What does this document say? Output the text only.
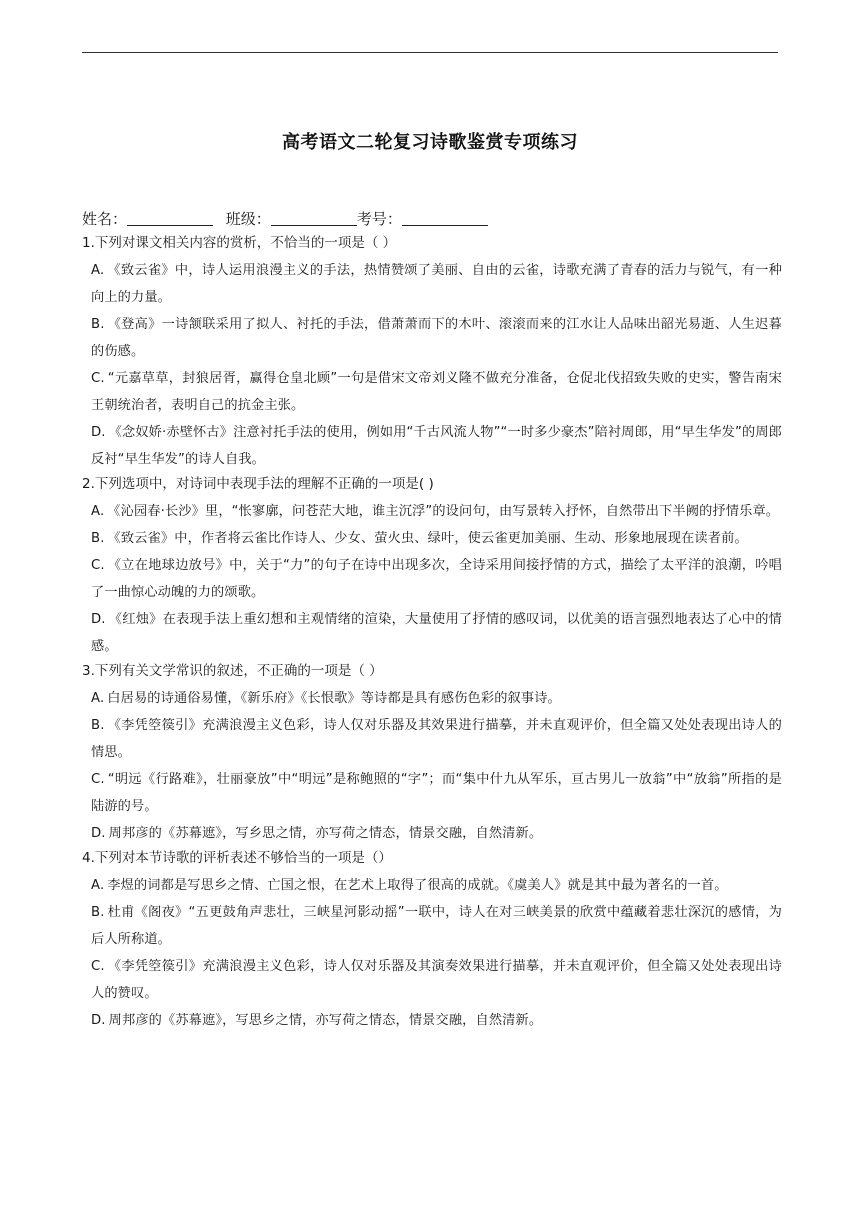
高考语文二轮复习诗歌鉴赏专项练习
姓名：	班级：	考号：
1.下列对课文相关内容的赏析，不恰当的一项是（ ）
A. 《致云雀》中，诗人运用浪漫主义的手法，热情赞颂了美丽、自由的云雀，诗歌充满了青春的活力与锐气，有一种向上的力量。
B. 《登高》一诗颔联采用了拟人、衬托的手法，借萧萧而下的木叶、滚滚而来的江水让人品味出韶光易逝、人生迟暮的伤感。
C. “元嘉草草，封狼居胥，赢得仓皇北顾”一句是借宋文帝刘义隆不做充分准备，仓促北伐招致失败的史实，警告南宋王朝统治者，表明自己的抗金主张。
D. 《念奴娇·赤壁怀古》注意衬托手法的使用，例如用“千古风流人物”“一时多少豪杰”陪衬周郎，用“早生华发”的周郎反衬“早生华发”的诗人自我。
2.下列选项中，对诗词中表现手法的理解不正确的一项是( )
A. 《沁园春·长沙》里，“怅寥廓，问苍茫大地，谁主沉浮”的设问句，由写景转入抒怀，自然带出下半阙的抒情乐章。
B. 《致云雀》中，作者将云雀比作诗人、少女、萤火虫、绿叶，使云雀更加美丽、生动、形象地展现在读者前。
C. 《立在地球边放号》中，关于“力”的句子在诗中出现多次，全诗采用间接抒情的方式，描绘了太平洋的浪潮，吟唱了一曲惊心动魄的力的颂歌。
D. 《红烛》在表现手法上重幻想和主观情绪的渲染，大量使用了抒情的感叹词，以优美的语言强烈地表达了心中的情感。
3.下列有关文学常识的叙述，不正确的一项是（ ）
A. 白居易的诗通俗易懂，《新乐府》《长恨歌》等诗都是具有感伤色彩的叙事诗。
B. 《李凭箜篌引》充满浪漫主义色彩，诗人仅对乐器及其效果进行描摹，并未直观评价，但全篇又处处表现出诗人的情思。
C. “明远《行路难》，壮丽豪放”中“明远”是称鲍照的“字”；而“集中什九从军乐，亘古男儿一放翁”中“放翁”所指的是陆游的号。
D. 周邦彦的《苏幕遮》，写乡思之情，亦写荷之情态，情景交融，自然清新。
4.下列对本节诗歌的评析表述不够恰当的一项是（）
A. 李煜的词都是写思乡之情、亡国之恨，在艺术上取得了很高的成就。《虞美人》就是其中最为著名的一首。
B. 杜甫《阁夜》“五更鼓角声悲壮，三峡星河影动摇”一联中，诗人在对三峡美景的欣赏中蕴藏着悲壮深沉的感情，为后人所称道。
C. 《李凭箜篌引》充满浪漫主义色彩，诗人仅对乐器及其演奏效果进行描摹，并未直观评价，但全篇又处处表现出诗人的赞叹。
D. 周邦彦的《苏幕遮》，写思乡之情，亦写荷之情态，情景交融，自然清新。
